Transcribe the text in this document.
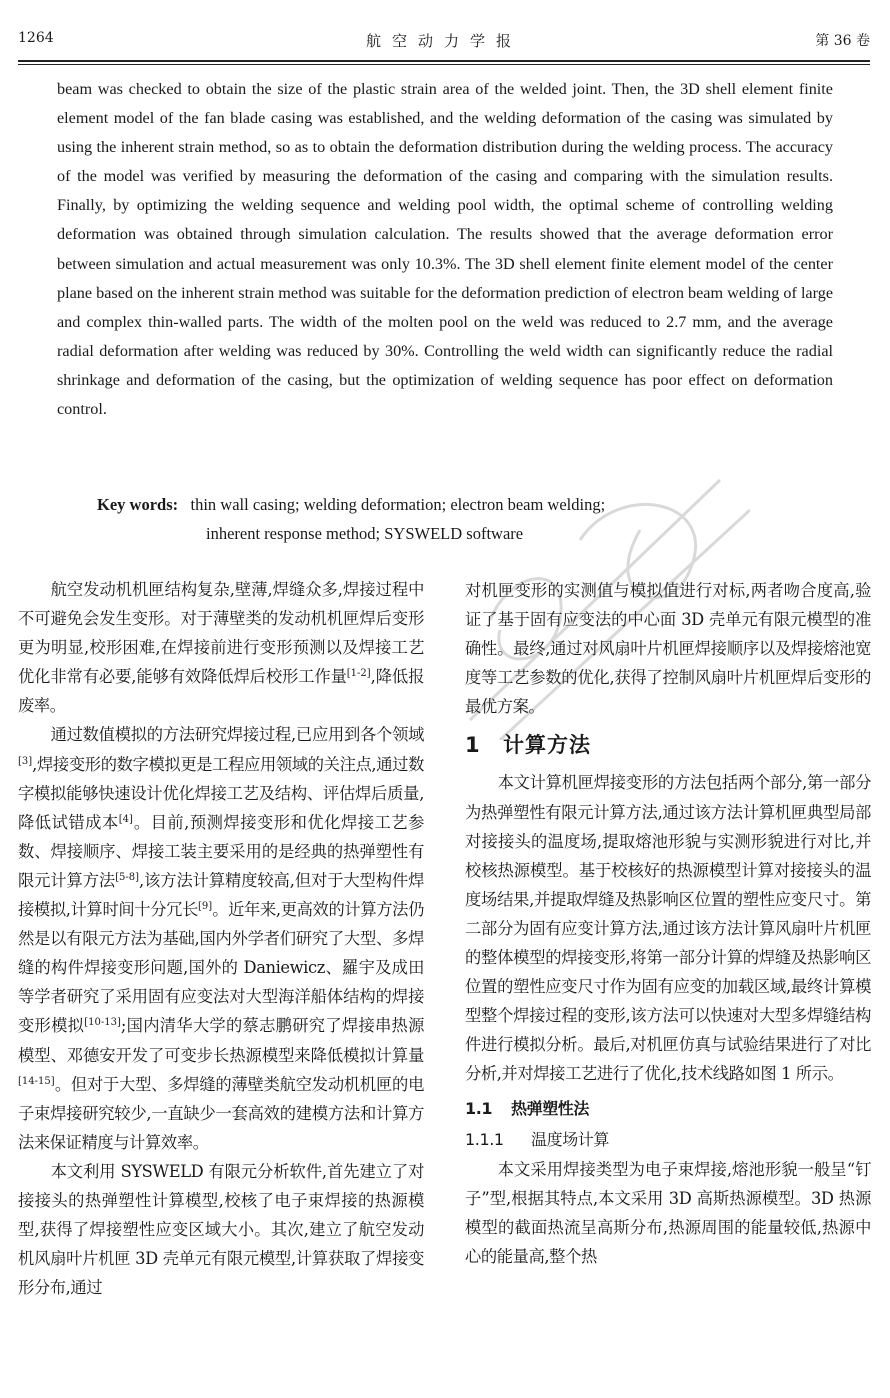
1264	航空动力学报	第 36 卷
beam was checked to obtain the size of the plastic strain area of the welded joint. Then, the 3D shell element finite element model of the fan blade casing was established, and the welding deformation of the casing was simulated by using the inherent strain method, so as to obtain the deformation distribution during the welding process. The accuracy of the model was verified by measuring the deformation of the casing and comparing with the simulation results. Finally, by optimizing the welding sequence and welding pool width, the optimal scheme of controlling welding deformation was obtained through simulation calculation. The results showed that the average deformation error between simulation and actual measurement was only 10.3%. The 3D shell element finite element model of the center plane based on the inherent strain method was suitable for the deformation prediction of electron beam welding of large and complex thin-walled parts. The width of the molten pool on the weld was reduced to 2.7 mm, and the average radial deformation after welding was reduced by 30%. Controlling the weld width can significantly reduce the radial shrinkage and deformation of the casing, but the optimization of welding sequence has poor effect on deformation control.
Key words: thin wall casing; welding deformation; electron beam welding;
inherent response method; SYSWELD software

航空发动机机匣结构复杂,壁薄,焊缝众多,焊接过程中不可避免会发生变形。对于薄壁类的发动机机匣焊后变形更为明显,校形困难,在焊接前进行变形预测以及焊接工艺优化非常有必要,能够有效降低焊后校形工作量[1-2],降低报废率。

通过数值模拟的方法研究焊接过程,已应用到各个领域[3],焊接变形的数字模拟更是工程应用领域的关注点,通过数字模拟能够快速设计优化焊接工艺及结构、评估焊后质量,降低试错成本[4]。目前,预测焊接变形和优化焊接工艺参数、焊接顺序、焊接工装主要采用的是经典的热弹塑性有限元计算方法[5-8],该方法计算精度较高,但对于大型构件焊接模拟,计算时间十分冗长[9]。近年来,更高效的计算方法仍然是以有限元方法为基础,国内外学者们研究了大型、多焊缝的构件焊接变形问题,国外的 Daniewicz、羅宇及成田等学者研究了采用固有应变法对大型海洋船体结构的焊接变形模拟[10-13];国内清华大学的蔡志鹏研究了焊接串热源模型、邓德安开发了可变步长热源模型来降低模拟计算量[14-15]。但对于大型、多焊缝的薄壁类航空发动机机匣的电子束焊接研究较少,一直缺少一套高效的建模方法和计算方法来保证精度与计算效率。

本文利用 SYSWELD 有限元分析软件,首先建立了对接接头的热弹塑性计算模型,校核了电子束焊接的热源模型,获得了焊接塑性应变区域大小。其次,建立了航空发动机风扇叶片机匣 3D 壳单元有限元模型,计算获取了焊接变形分布,通过

对机匣变形的实测值与模拟值进行对标,两者吻合度高,验证了基于固有应变法的中心面 3D 壳单元有限元模型的准确性。最终,通过对风扇叶片机匣焊接顺序以及焊接熔池宽度等工艺参数的优化,获得了控制风扇叶片机匣焊后变形的最优方案。

1 计算方法

本文计算机匣焊接变形的方法包括两个部分,第一部分为热弹塑性有限元计算方法,通过该方法计算机匣典型局部对接接头的温度场,提取熔池形貌与实测形貌进行对比,并校核热源模型。基于校核好的热源模型计算对接接头的温度场结果,并提取焊缝及热影响区位置的塑性应变尺寸。第二部分为固有应变计算方法,通过该方法计算风扇叶片机匣的整体模型的焊接变形,将第一部分计算的焊缝及热影响区位置的塑性应变尺寸作为固有应变的加载区域,最终计算模型整个焊接过程的变形,该方法可以快速对大型多焊缝结构件进行模拟分析。最后,对机匣仿真与试验结果进行了对比分析,并对焊接工艺进行了优化,技术线路如图 1 所示。

1.1 热弹塑性法
1.1.1 温度场计算

本文采用焊接类型为电子束焊接,熔池形貌一般呈“钉子”型,根据其特点,本文采用 3D 高斯热源模型。3D 热源模型的截面热流呈高斯分布,热源周围的能量较低,热源中心的能量高,整个热
